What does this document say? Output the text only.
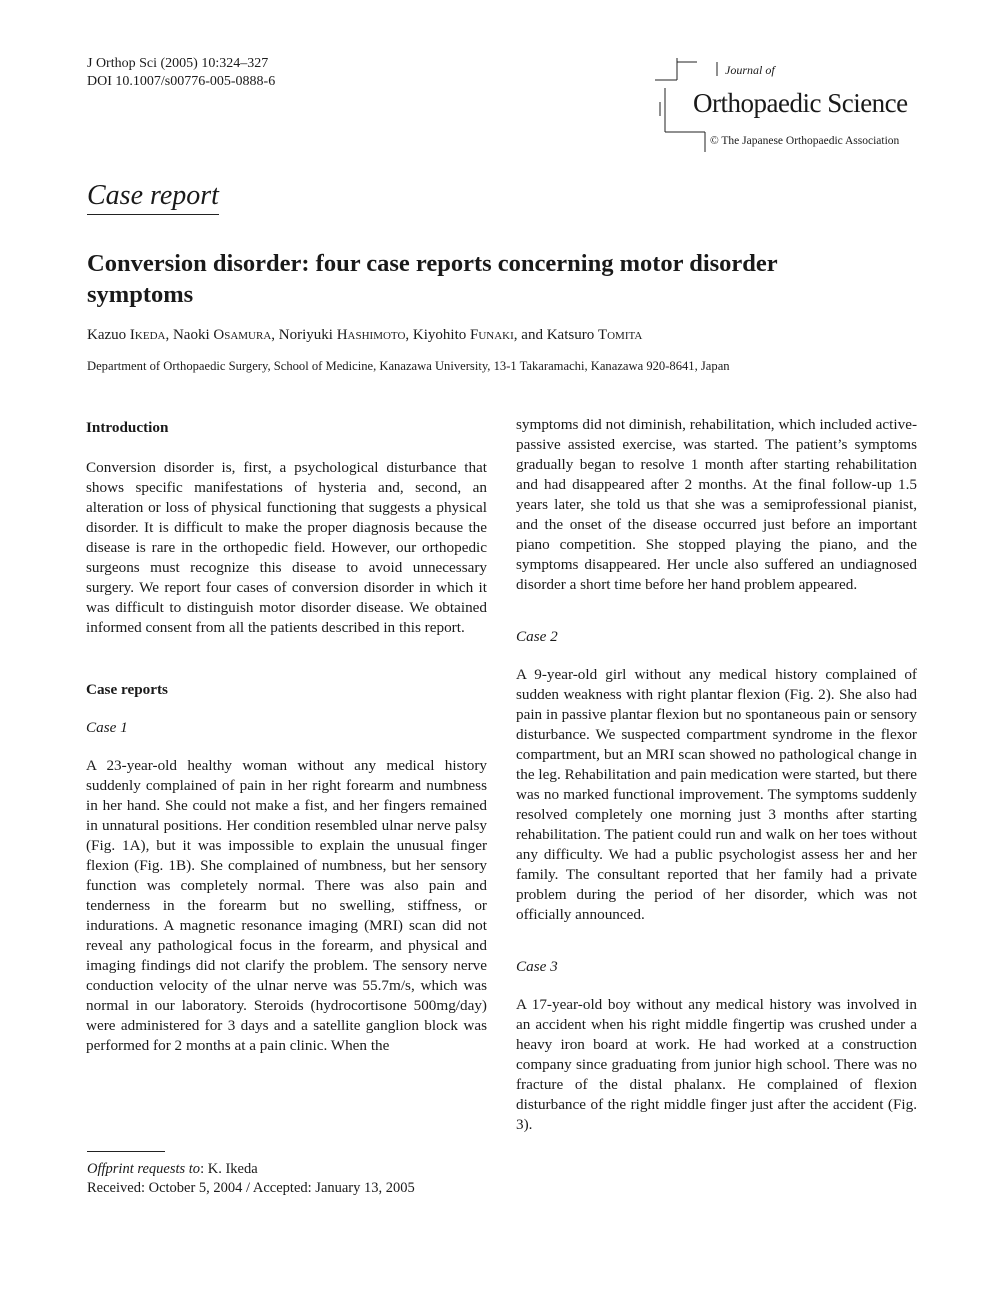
J Orthop Sci (2005) 10:324–327
DOI 10.1007/s00776-005-0888-6
Journal of
Orthopaedic Science
© The Japanese Orthopaedic Association
Case report
Conversion disorder: four case reports concerning motor disorder symptoms
Kazuo Ikeda, Naoki Osamura, Noriyuki Hashimoto, Kiyohito Funaki, and Katsuro Tomita
Department of Orthopaedic Surgery, School of Medicine, Kanazawa University, 13-1 Takaramachi, Kanazawa 920-8641, Japan

Introduction

Conversion disorder is, first, a psychological disturbance that shows specific manifestations of hysteria and, second, an alteration or loss of physical functioning that suggests a physical disorder. It is difficult to make the proper diagnosis because the disease is rare in the orthopedic field. However, our orthopedic surgeons must recognize this disease to avoid unnecessary surgery. We report four cases of conversion disorder in which it was difficult to distinguish motor disorder disease. We obtained informed consent from all the patients described in this report.

Case reports

Case 1

A 23-year-old healthy woman without any medical history suddenly complained of pain in her right forearm and numbness in her hand. She could not make a fist, and her fingers remained in unnatural positions. Her condition resembled ulnar nerve palsy (Fig. 1A), but it was impossible to explain the unusual finger flexion (Fig. 1B). She complained of numbness, but her sensory function was completely normal. There was also pain and tenderness in the forearm but no swelling, stiffness, or indurations. A magnetic resonance imaging (MRI) scan did not reveal any pathological focus in the forearm, and physical and imaging findings did not clarify the problem. The sensory nerve conduction velocity of the ulnar nerve was 55.7m/s, which was normal in our laboratory. Steroids (hydrocortisone 500mg/day) were administered for 3 days and a satellite ganglion block was performed for 2 months at a pain clinic. When the

symptoms did not diminish, rehabilitation, which included active-passive assisted exercise, was started. The patient’s symptoms gradually began to resolve 1 month after starting rehabilitation and had disappeared after 2 months. At the final follow-up 1.5 years later, she told us that she was a semiprofessional pianist, and the onset of the disease occurred just before an important piano competition. She stopped playing the piano, and the symptoms disappeared. Her uncle also suffered an undiagnosed disorder a short time before her hand problem appeared.

Case 2

A 9-year-old girl without any medical history complained of sudden weakness with right plantar flexion (Fig. 2). She also had pain in passive plantar flexion but no spontaneous pain or sensory disturbance. We suspected compartment syndrome in the flexor compartment, but an MRI scan showed no pathological change in the leg. Rehabilitation and pain medication were started, but there was no marked functional improvement. The symptoms suddenly resolved completely one morning just 3 months after starting rehabilitation. The patient could run and walk on her toes without any difficulty. We had a public psychologist assess her and her family. The consultant reported that her family had a private problem during the period of her disorder, which was not officially announced.

Case 3

A 17-year-old boy without any medical history was involved in an accident when his right middle fingertip was crushed under a heavy iron board at work. He had worked at a construction company since graduating from junior high school. There was no fracture of the distal phalanx. He complained of flexion disturbance of the right middle finger just after the accident (Fig. 3).

Offprint requests to: K. Ikeda
Received: October 5, 2004 / Accepted: January 13, 2005
